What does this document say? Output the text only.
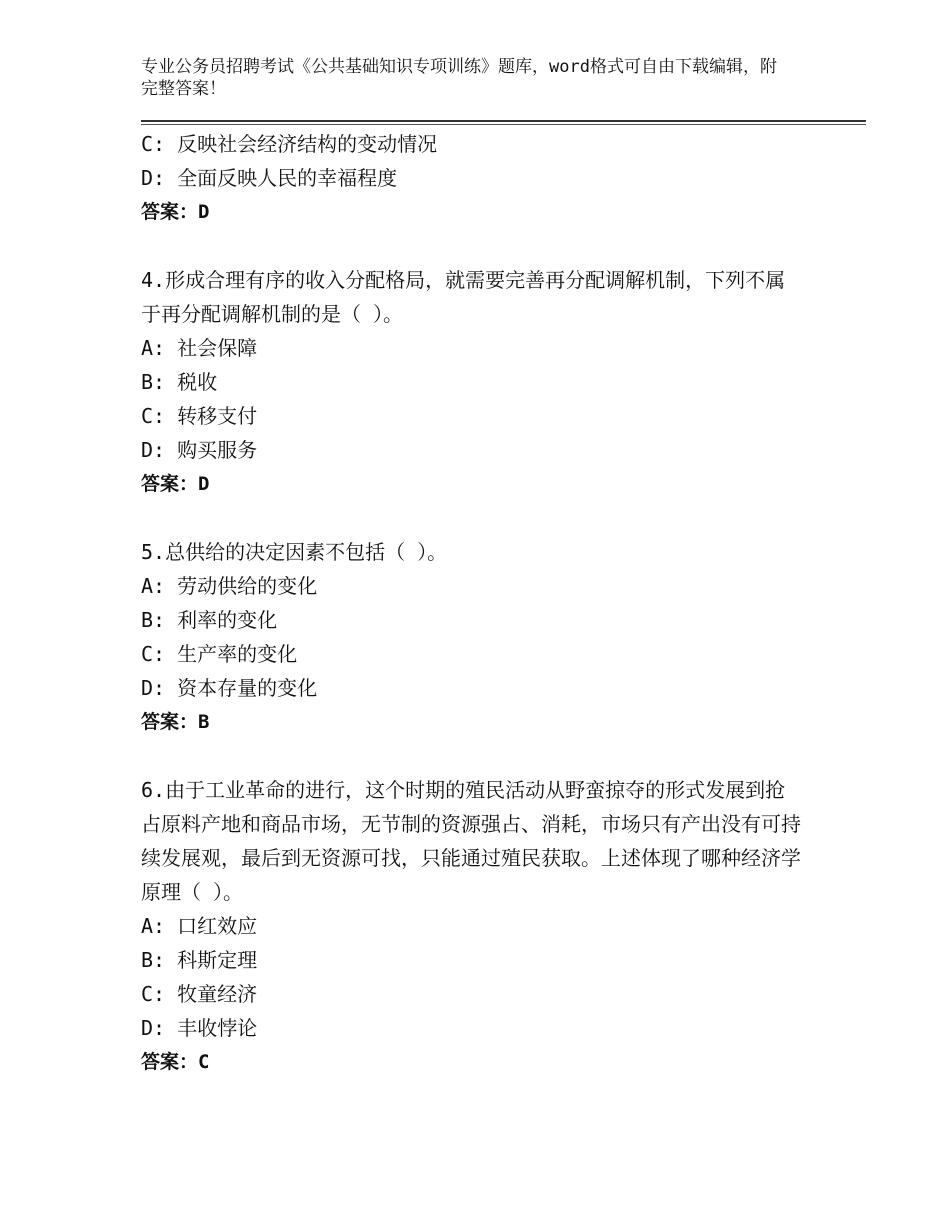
专业公务员招聘考试《公共基础知识专项训练》题库，word格式可自由下载编辑，附完整答案！
C: 反映社会经济结构的变动情况
D: 全面反映人民的幸福程度
答案：D
4.形成合理有序的收入分配格局，就需要完善再分配调解机制，下列不属于再分配调解机制的是（ ）。
A: 社会保障
B: 税收
C: 转移支付
D: 购买服务
答案：D
5.总供给的决定因素不包括（ ）。
A: 劳动供给的变化
B: 利率的变化
C: 生产率的变化
D: 资本存量的变化
答案：B
6.由于工业革命的进行，这个时期的殖民活动从野蛮掠夺的形式发展到抢占原料产地和商品市场，无节制的资源强占、消耗，市场只有产出没有可持续发展观，最后到无资源可找，只能通过殖民获取。上述体现了哪种经济学原理（ ）。
A: 口红效应
B: 科斯定理
C: 牧童经济
D: 丰收悖论
答案：C
